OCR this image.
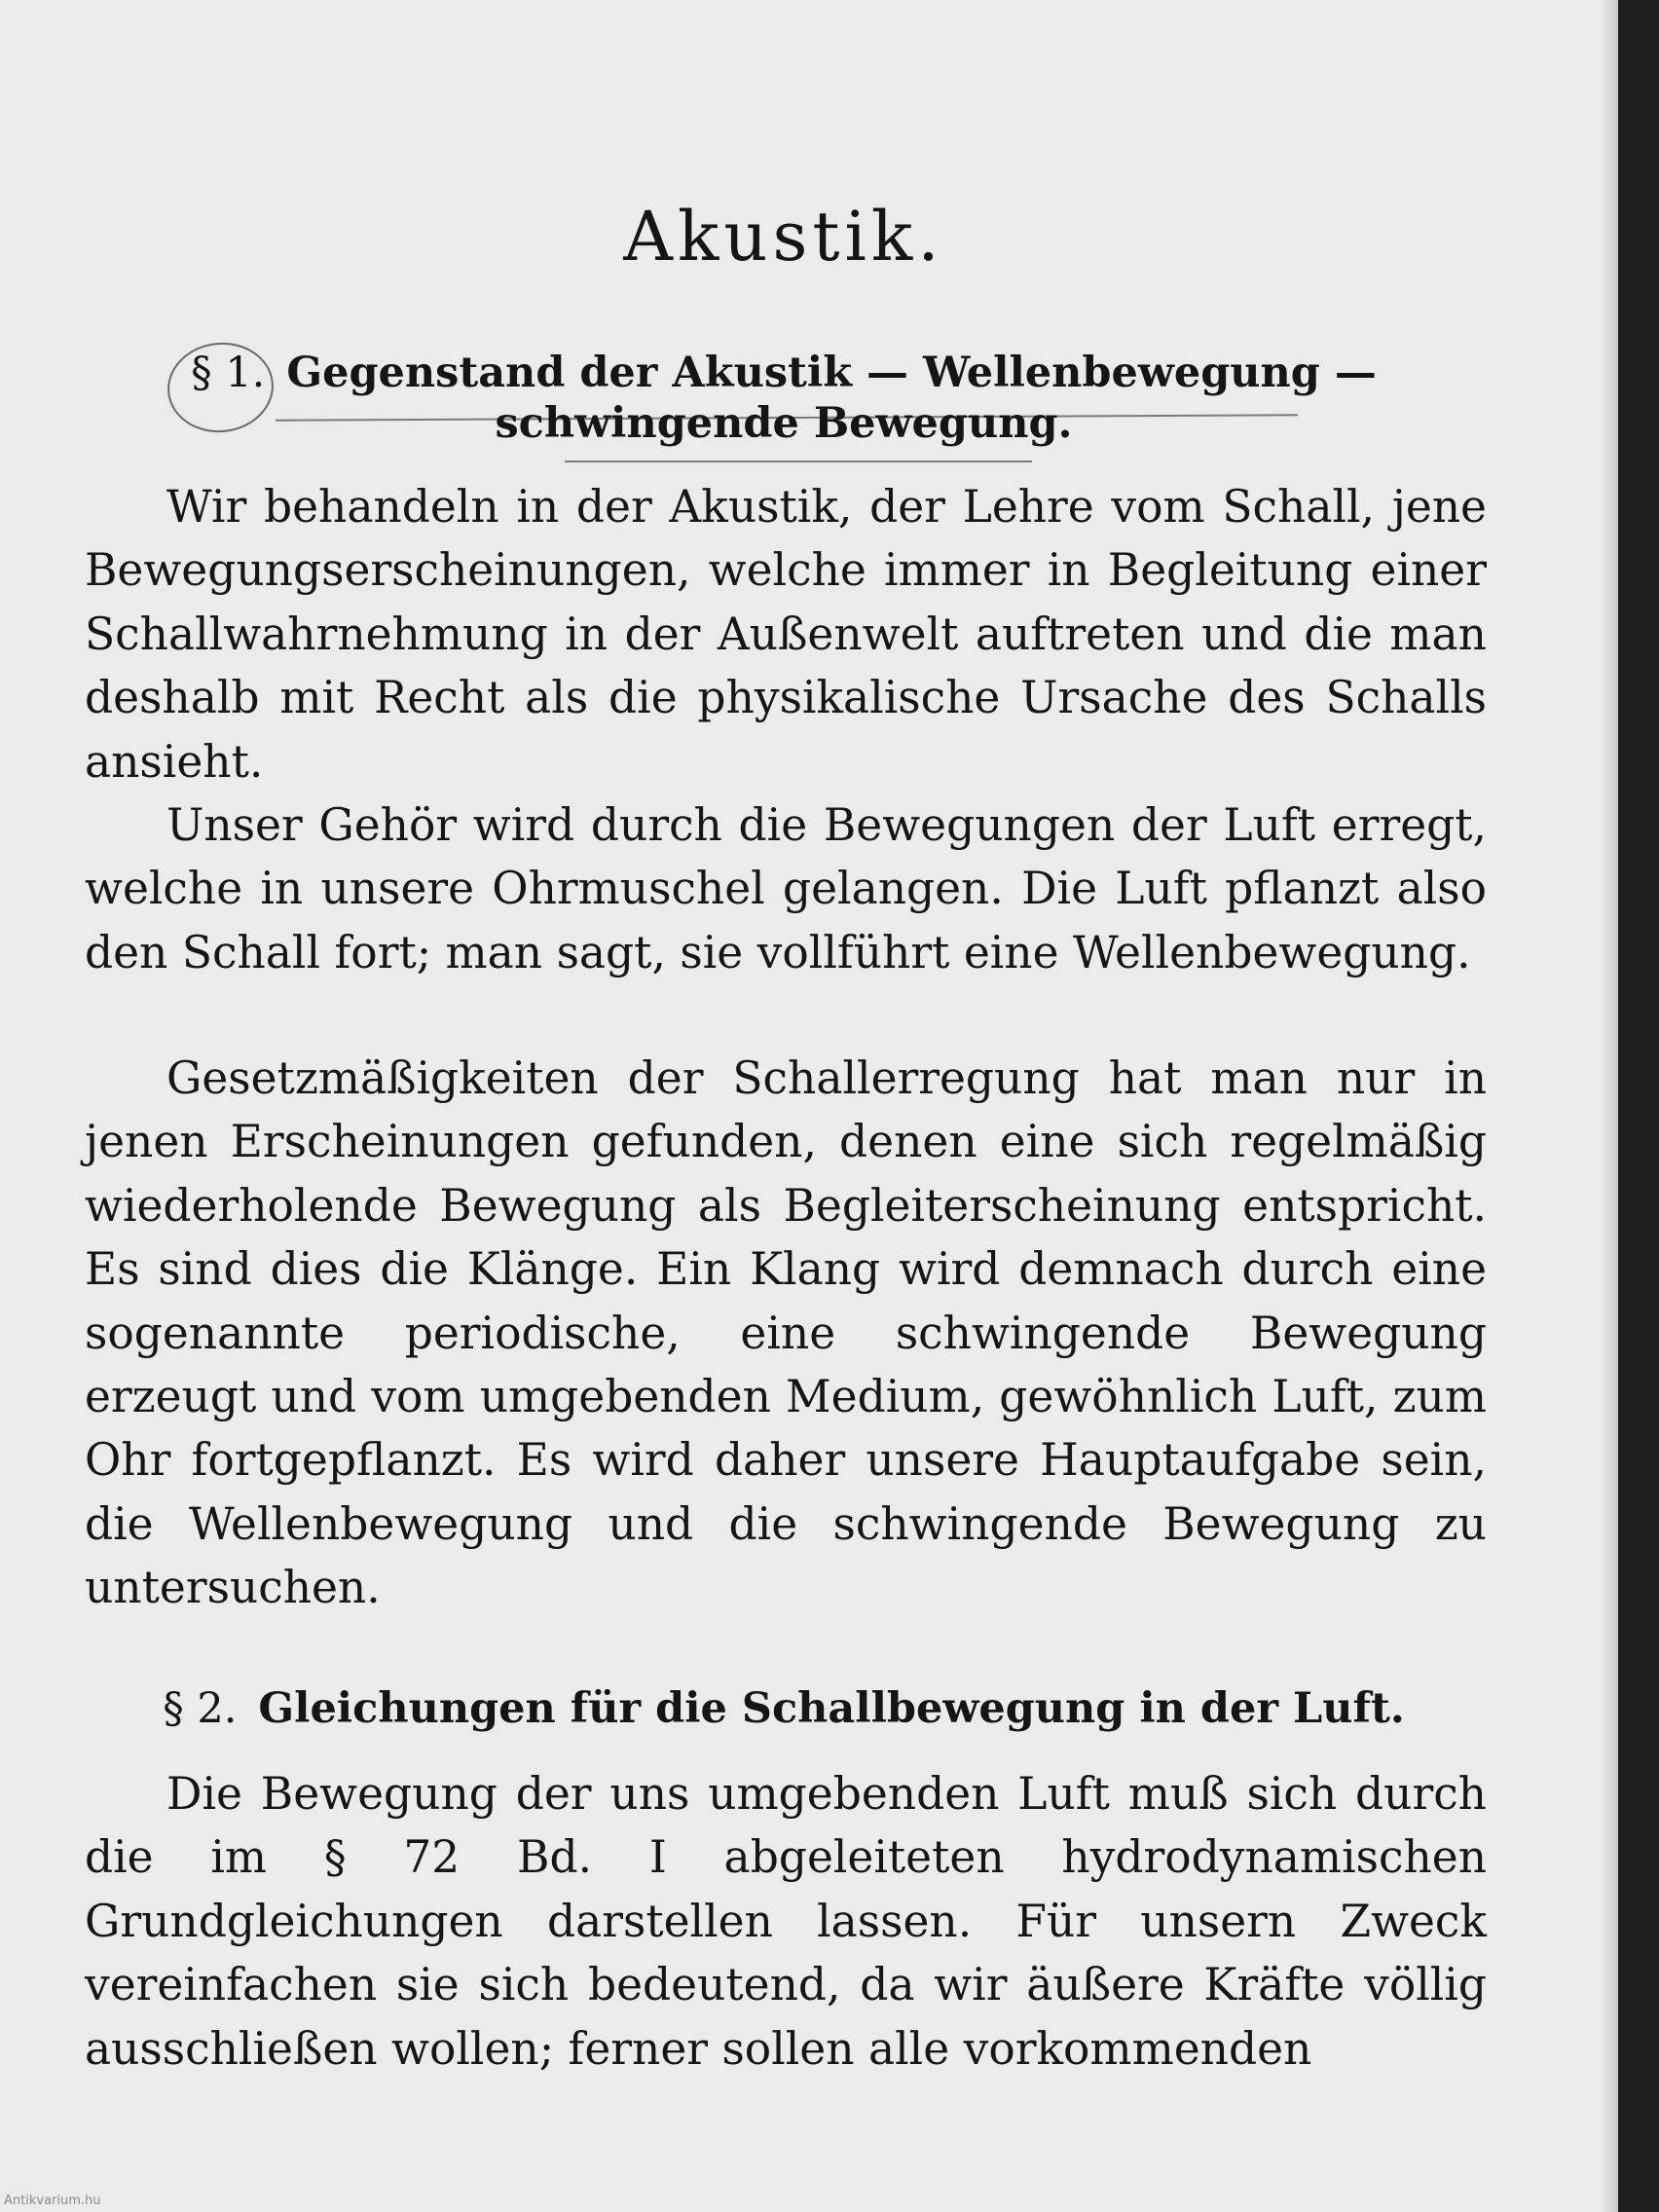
Akustik.
§ 1. Gegenstand der Akustik — Wellenbewegung —
schwingende Bewegung.

Wir behandeln in der Akustik, der Lehre vom Schall, jene Bewegungserscheinungen, welche immer in Begleitung einer Schallwahrnehmung in der Außenwelt auftreten und die man deshalb mit Recht als die physikalische Ursache des Schalls ansieht.

Unser Gehör wird durch die Bewegungen der Luft erregt, welche in unsere Ohrmuschel gelangen. Die Luft pflanzt also den Schall fort; man sagt, sie vollführt eine Wellenbewegung.

Gesetzmäßigkeiten der Schallerregung hat man nur in jenen Erscheinungen gefunden, denen eine sich regelmäßig wiederholende Bewegung als Begleiterscheinung entspricht. Es sind dies die Klänge. Ein Klang wird demnach durch eine sogenannte periodische, eine schwingende Bewegung erzeugt und vom umgebenden Medium, gewöhnlich Luft, zum Ohr fortgepflanzt. Es wird daher unsere Hauptaufgabe sein, die Wellenbewegung und die schwingende Bewegung zu untersuchen.

§ 2. Gleichungen für die Schallbewegung in der Luft.

Die Bewegung der uns umgebenden Luft muß sich durch die im § 72 Bd. I abgeleiteten hydrodynamischen Grundgleichungen darstellen lassen. Für unsern Zweck vereinfachen sie sich bedeutend, da wir äußere Kräfte völlig ausschließen wollen; ferner sollen alle vorkommenden

Antikvarium.hu
